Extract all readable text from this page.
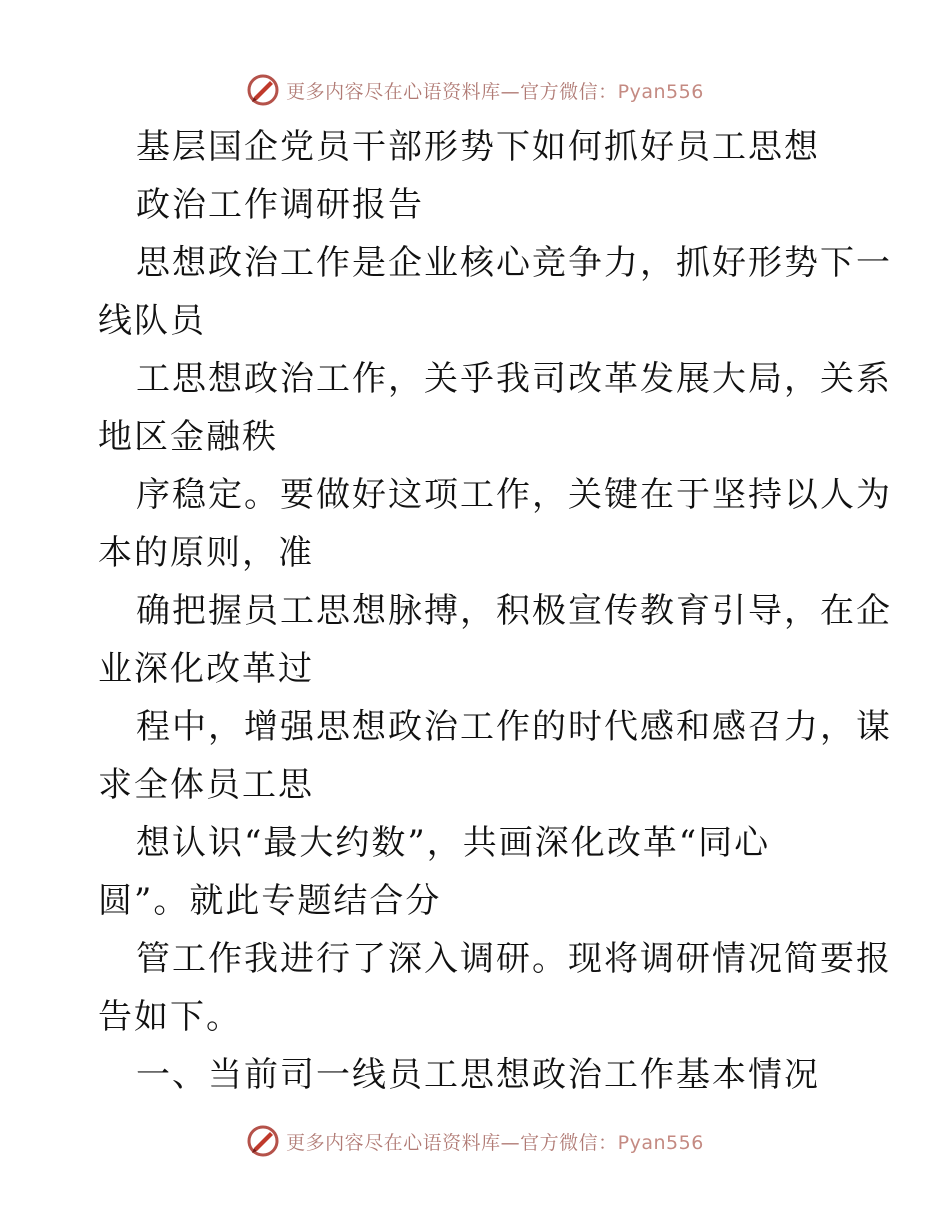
更多内容尽在心语资料库—官方微信：Pyan556
基层国企党员干部形势下如何抓好员工思想
政治工作调研报告
思想政治工作是企业核心竞争力，抓好形势下一
线队员
工思想政治工作，关乎我司改革发展大局，关系
地区金融秩
序稳定。要做好这项工作，关键在于坚持以人为
本的原则，准
确把握员工思想脉搏，积极宣传教育引导，在企
业深化改革过
程中，增强思想政治工作的时代感和感召力，谋
求全体员工思
想认识“最大约数”，共画深化改革“同心
圆”。就此专题结合分
管工作我进行了深入调研。现将调研情况简要报
告如下。
一、当前司一线员工思想政治工作基本情况
更多内容尽在心语资料库—官方微信：Pyan556
